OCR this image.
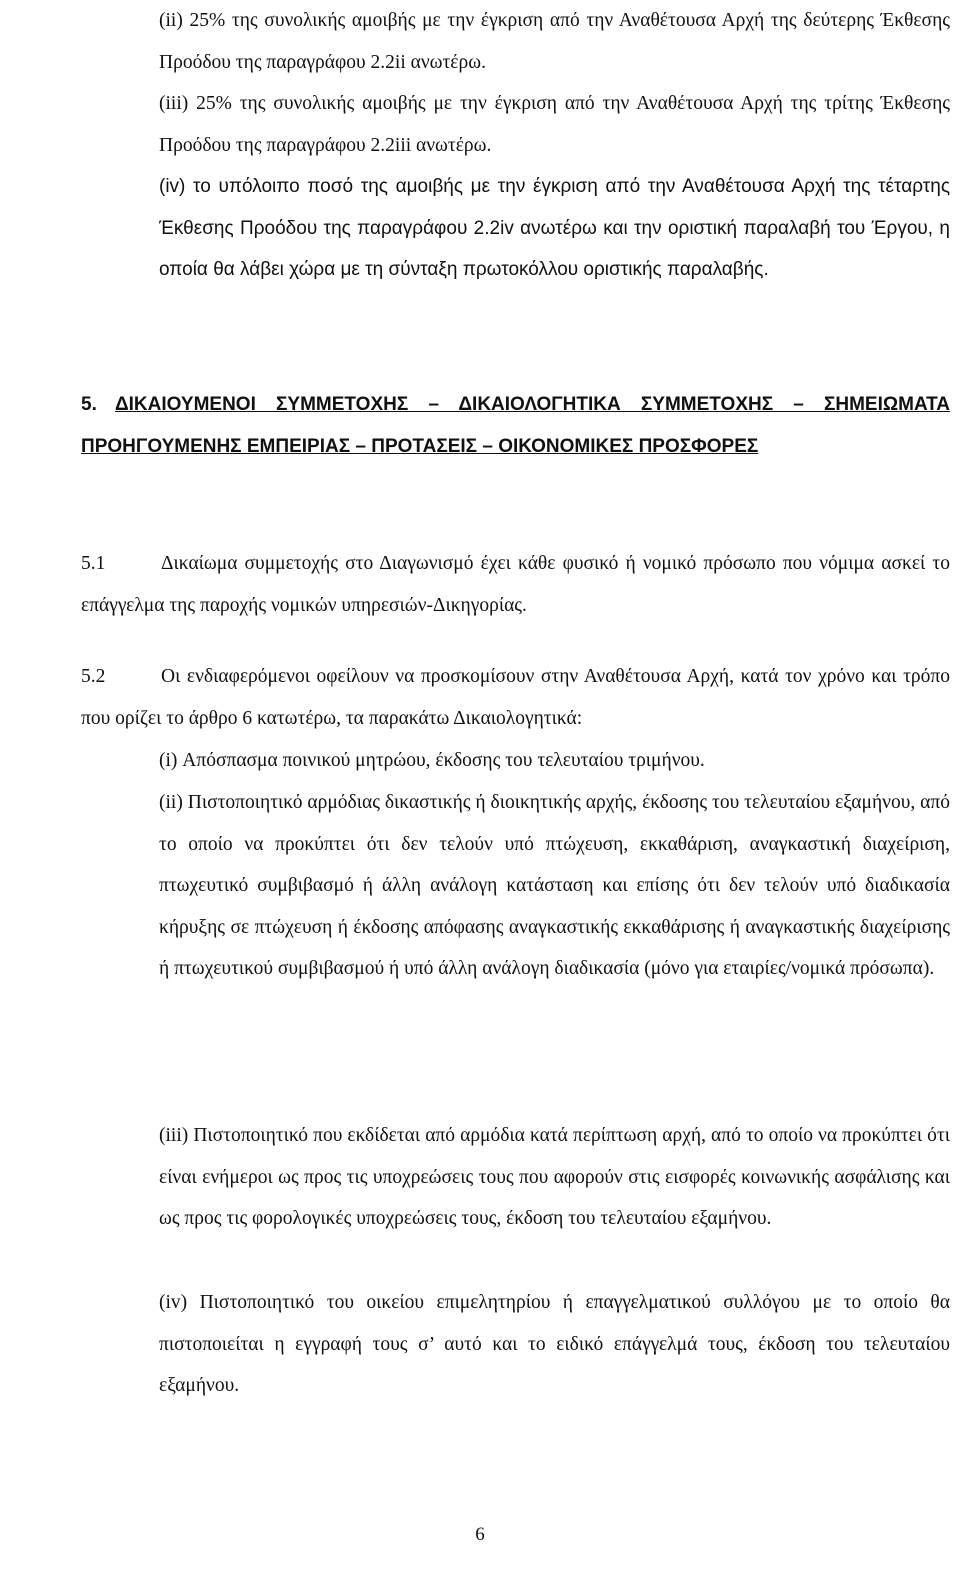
(ii) 25% της συνολικής αμοιβής με την έγκριση από την Αναθέτουσα Αρχή της δεύτερης Έκθεσης Προόδου της παραγράφου 2.2ii ανωτέρω.

(iii) 25% της συνολικής αμοιβής με την έγκριση από την Αναθέτουσα Αρχή της τρίτης Έκθεσης Προόδου της παραγράφου 2.2iii ανωτέρω.

(iv) το υπόλοιπο ποσό της αμοιβής με την έγκριση από την Αναθέτουσα Αρχή της τέταρτης Έκθεσης Προόδου της παραγράφου 2.2iv ανωτέρω και την οριστική παραλαβή του Έργου, η οποία θα λάβει χώρα με τη σύνταξη πρωτοκόλλου οριστικής παραλαβής.

5. ΔΙΚΑΙΟΥΜΕΝΟΙ ΣΥΜΜΕΤΟΧΗΣ – ΔΙΚΑΙΟΛΟΓΗΤΙΚΑ ΣΥΜΜΕΤΟΧΗΣ – ΣΗΜΕΙΩΜΑΤΑ ΠΡΟΗΓΟΥΜΕΝΗΣ ΕΜΠΕΙΡΙΑΣ – ΠΡΟΤΑΣΕΙΣ – ΟΙΚΟΝΟΜΙΚΕΣ ΠΡΟΣΦΟΡΕΣ
5.1	Δικαίωμα συμμετοχής στο Διαγωνισμό έχει κάθε φυσικό ή νομικό πρόσωπο που νόμιμα ασκεί το επάγγελμα της παροχής νομικών υπηρεσιών-Δικηγορίας.
5.2	Οι ενδιαφερόμενοι οφείλουν να προσκομίσουν στην Αναθέτουσα Αρχή, κατά τον χρόνο και τρόπο που ορίζει το άρθρο 6 κατωτέρω, τα παρακάτω Δικαιολογητικά:

(i) Απόσπασμα ποινικού μητρώου, έκδοσης του τελευταίου τριμήνου.

(ii) Πιστοποιητικό αρμόδιας δικαστικής ή διοικητικής αρχής, έκδοσης του τελευταίου εξαμήνου, από το οποίο να προκύπτει ότι δεν τελούν υπό πτώχευση, εκκαθάριση, αναγκαστική διαχείριση, πτωχευτικό συμβιβασμό ή άλλη ανάλογη κατάσταση και επίσης ότι δεν τελούν υπό διαδικασία κήρυξης σε πτώχευση ή έκδοσης απόφασης αναγκαστικής εκκαθάρισης ή αναγκαστικής διαχείρισης ή πτωχευτικού συμβιβασμού ή υπό άλλη ανάλογη διαδικασία (μόνο για εταιρίες/νομικά πρόσωπα).

(iii) Πιστοποιητικό που εκδίδεται από αρμόδια κατά περίπτωση αρχή, από το οποίο να προκύπτει ότι είναι ενήμεροι ως προς τις υποχρεώσεις τους που αφορούν στις εισφορές κοινωνικής ασφάλισης και ως προς τις φορολογικές υποχρεώσεις τους, έκδοση του τελευταίου εξαμήνου.

(iv) Πιστοποιητικό του οικείου επιμελητηρίου ή επαγγελματικού συλλόγου με το οποίο θα πιστοποιείται η εγγραφή τους σ’ αυτό και το ειδικό επάγγελμά τους, έκδοση του τελευταίου εξαμήνου.

6
